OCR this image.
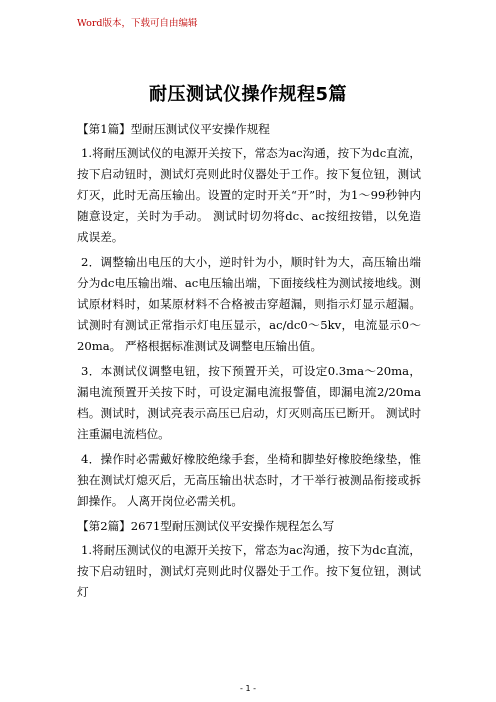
Word版本，下载可自由编辑
耐压测试仪操作规程5篇

【第1篇】型耐压测试仪平安操作规程

1.将耐压测试仪的电源开关按下，常态为ac沟通，按下为dc直流，按下启动钮时，测试灯亮则此时仪器处于工作。按下复位钮，测试灯灭，此时无高压输出。设置的定时开关“开”时，为1～99秒钟内随意设定，关时为手动。 测试时切勿将dc、ac按纽按错，以免造成误差。

2．调整输出电压的大小，逆时针为小，顺时针为大，高压输出端分为dc电压输出端、ac电压输出端，下面接线柱为测试接地线。测试原材料时，如某原材料不合格被击穿超漏，则指示灯显示超漏。试测时有测试正常指示灯电压显示，ac/dc0～5kv，电流显示0～20ma。 严格根据标准测试及调整电压输出值。

3．本测试仪调整电钮，按下预置开关，可设定0.3ma～20ma，漏电流预置开关按下时，可设定漏电流报警值，即漏电流2/20ma档。测试时，测试亮表示高压已启动，灯灭则高压已断开。 测试时注重漏电流档位。

4．操作时必需戴好橡胶绝缘手套，坐椅和脚垫好橡胶绝缘垫，惟独在测试灯熄灭后，无高压输出状态时，才干举行被测品衔接或拆卸操作。 人离开岗位必需关机。

【第2篇】2671型耐压测试仪平安操作规程怎么写

1.将耐压测试仪的电源开关按下，常态为ac沟通，按下为dc直流，按下启动钮时，测试灯亮则此时仪器处于工作。按下复位钮，测试灯

- 1 -
